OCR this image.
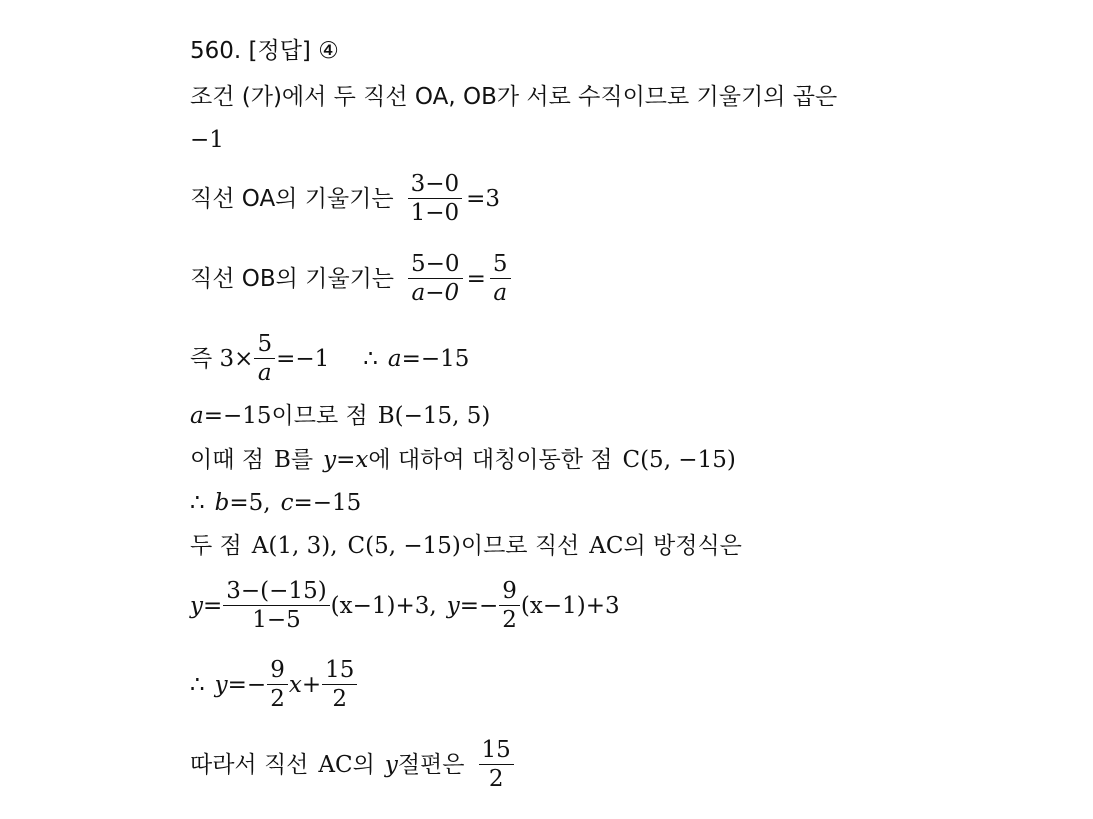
560. [정답] ④
조건 (가)에서 두 직선 OA, OB가 서로 수직이므로 기울기의 곱은
−1
직선 OA의 기울기는 $\frac{3-0}{1-0} =3$
직선 OB의 기울기는 $\frac{5-0}{a-0} = \frac{5}{a}$
즉 $3\times \frac{5}{a} =-1$ ∴ a =−15
a =−15 이므로 점 B(−15, 5)
이때 점 B 를 y = x 에 대하여 대칭이동한 점 C(5, −15)
∴ b =5, c =−15
두 점 A(1, 3), C(5, −15) 이므로 직선 AC 의 방정식은
$y = \frac{3-(-15)}{1-5} (x-1)+3$, $y =- \frac{9}{2} (x-1)+3$
∴ $y =- \frac{9}{2}$ $x + \frac{15}{2}$
따라서 직선 AC 의 y 절편은 $\frac{15}{2}$
